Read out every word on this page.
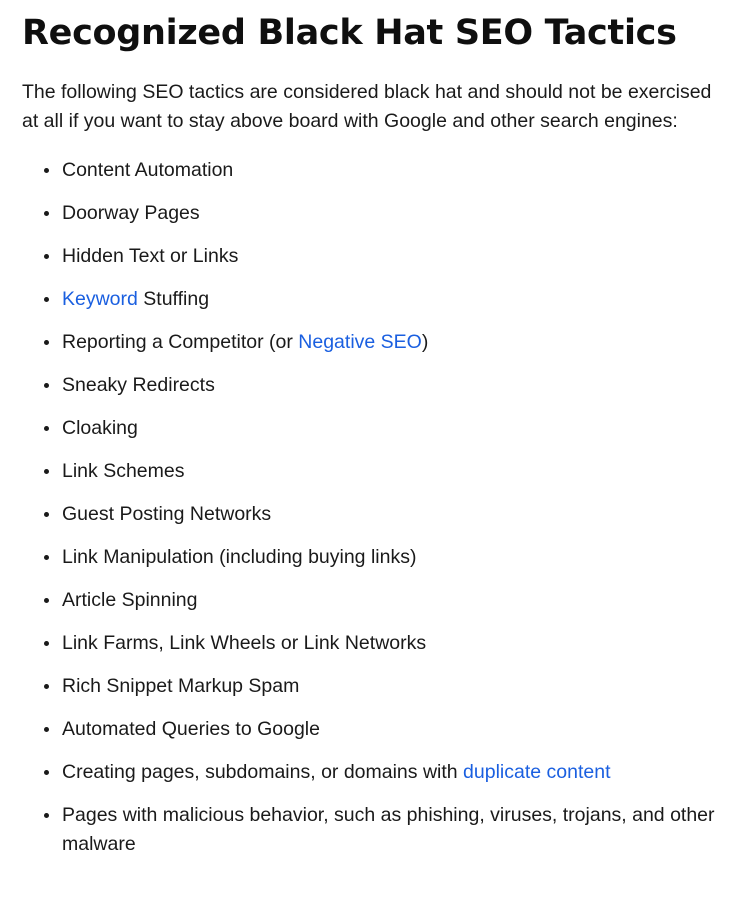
Recognized Black Hat SEO Tactics

The following SEO tactics are considered black hat and should not be exercised at all if you want to stay above board with Google and other search engines:

Content Automation
Doorway Pages
Hidden Text or Links
Keyword Stuffing
Reporting a Competitor (or Negative SEO)
Sneaky Redirects
Cloaking
Link Schemes
Guest Posting Networks
Link Manipulation (including buying links)
Article Spinning
Link Farms, Link Wheels or Link Networks
Rich Snippet Markup Spam
Automated Queries to Google
Creating pages, subdomains, or domains with duplicate content
Pages with malicious behavior, such as phishing, viruses, trojans, and other malware
